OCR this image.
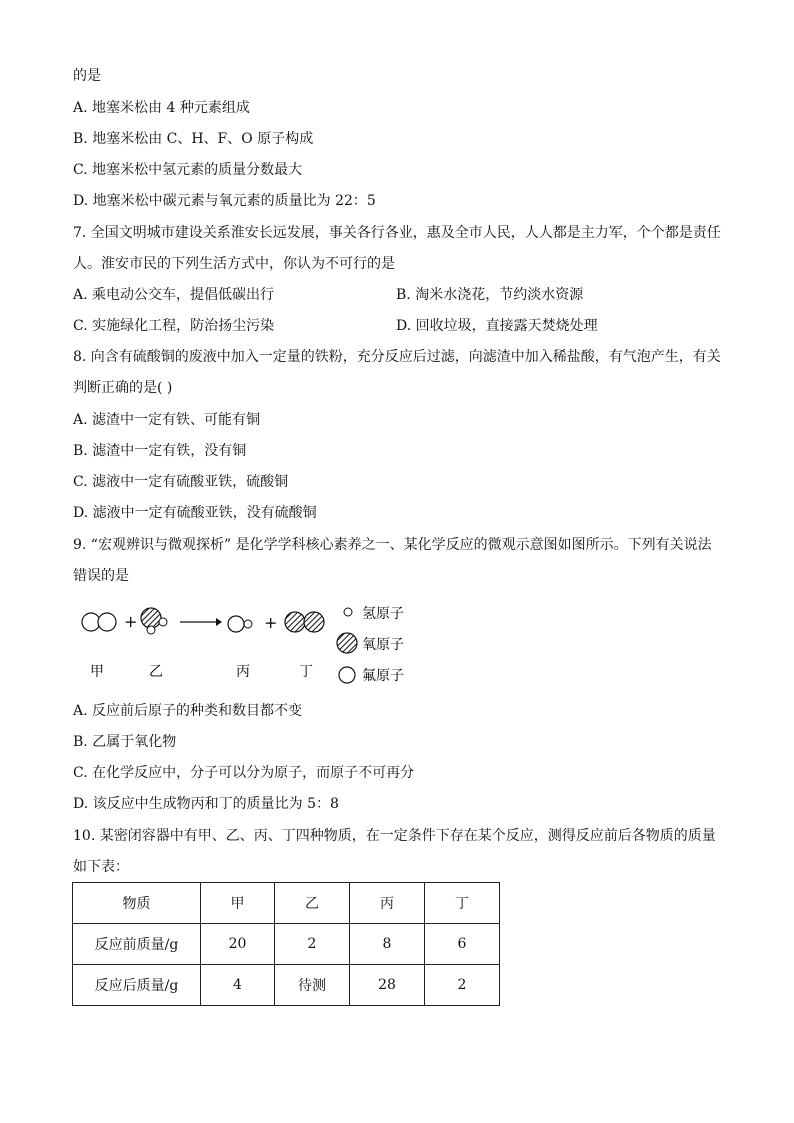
的是
A. 地塞米松由 4 种元素组成
B. 地塞米松由 C、H、F、O 原子构成
C. 地塞米松中氢元素的质量分数最大
D. 地塞米松中碳元素与氧元素的质量比为 22：5
7. 全国文明城市建设关系淮安长远发展，事关各行各业，惠及全市人民，人人都是主力军，个个都是责任
人。淮安市民的下列生活方式中，你认为不可行的是
A. 乘电动公交车，提倡低碳出行	B. 淘米水浇花，节约淡水资源
C. 实施绿化工程，防治扬尘污染	D. 回收垃圾，直接露天焚烧处理
8. 向含有硫酸铜的废液中加入一定量的铁粉，充分反应后过滤，向滤渣中加入稀盐酸，有气泡产生，有关
判断正确的是( )
A. 滤渣中一定有铁、可能有铜
B. 滤渣中一定有铁，没有铜
C. 滤液中一定有硫酸亚铁，硫酸铜
D. 滤液中一定有硫酸亚铁，没有硫酸铜
9. “宏观辨识与微观探析” 是化学学科核心素养之一、某化学反应的微观示意图如图所示。下列有关说法
错误的是
+	+
甲	乙	丙	丁
氢原子
氧原子
氟原子
A. 反应前后原子的种类和数目都不变
B. 乙属于氧化物
C. 在化学反应中，分子可以分为原子，而原子不可再分
D. 该反应中生成物丙和丁的质量比为 5：8
10. 某密闭容器中有甲、乙、丙、丁四种物质，在一定条件下存在某个反应，测得反应前后各物质的质量
如下表：
物质	甲	乙	丙	丁
反应前质量/g	20	2	8	6
反应后质量/g	4	待测	28	2
